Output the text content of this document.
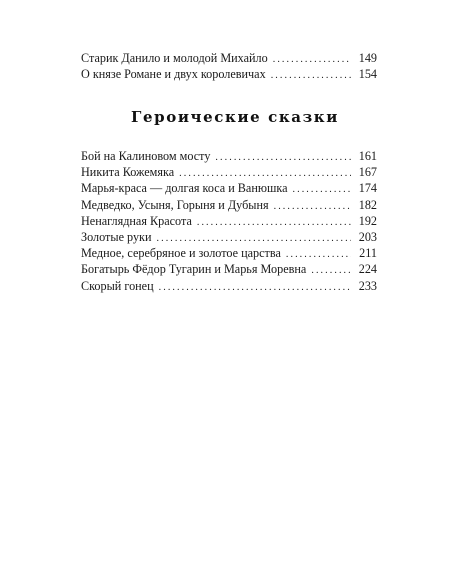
Старик Данило и молодой Михайло . . .	149
О князе Романе и двух королевичах . . .	154
Героические сказки
Бой на Калиновом мосту . . .	161
Никита Кожемяка . . .	167
Марья-краса — долгая коса и Ванюшка . . .	174
Медведко, Усыня, Горыня и Дубыня . . .	182
Ненаглядная Красота . . .	192
Золотые руки . . .	203
Медное, серебряное и золотое царства . . .	211
Богатырь Фёдор Тугарин и Марья Моревна . . .	224
Скорый гонец . . .	233
